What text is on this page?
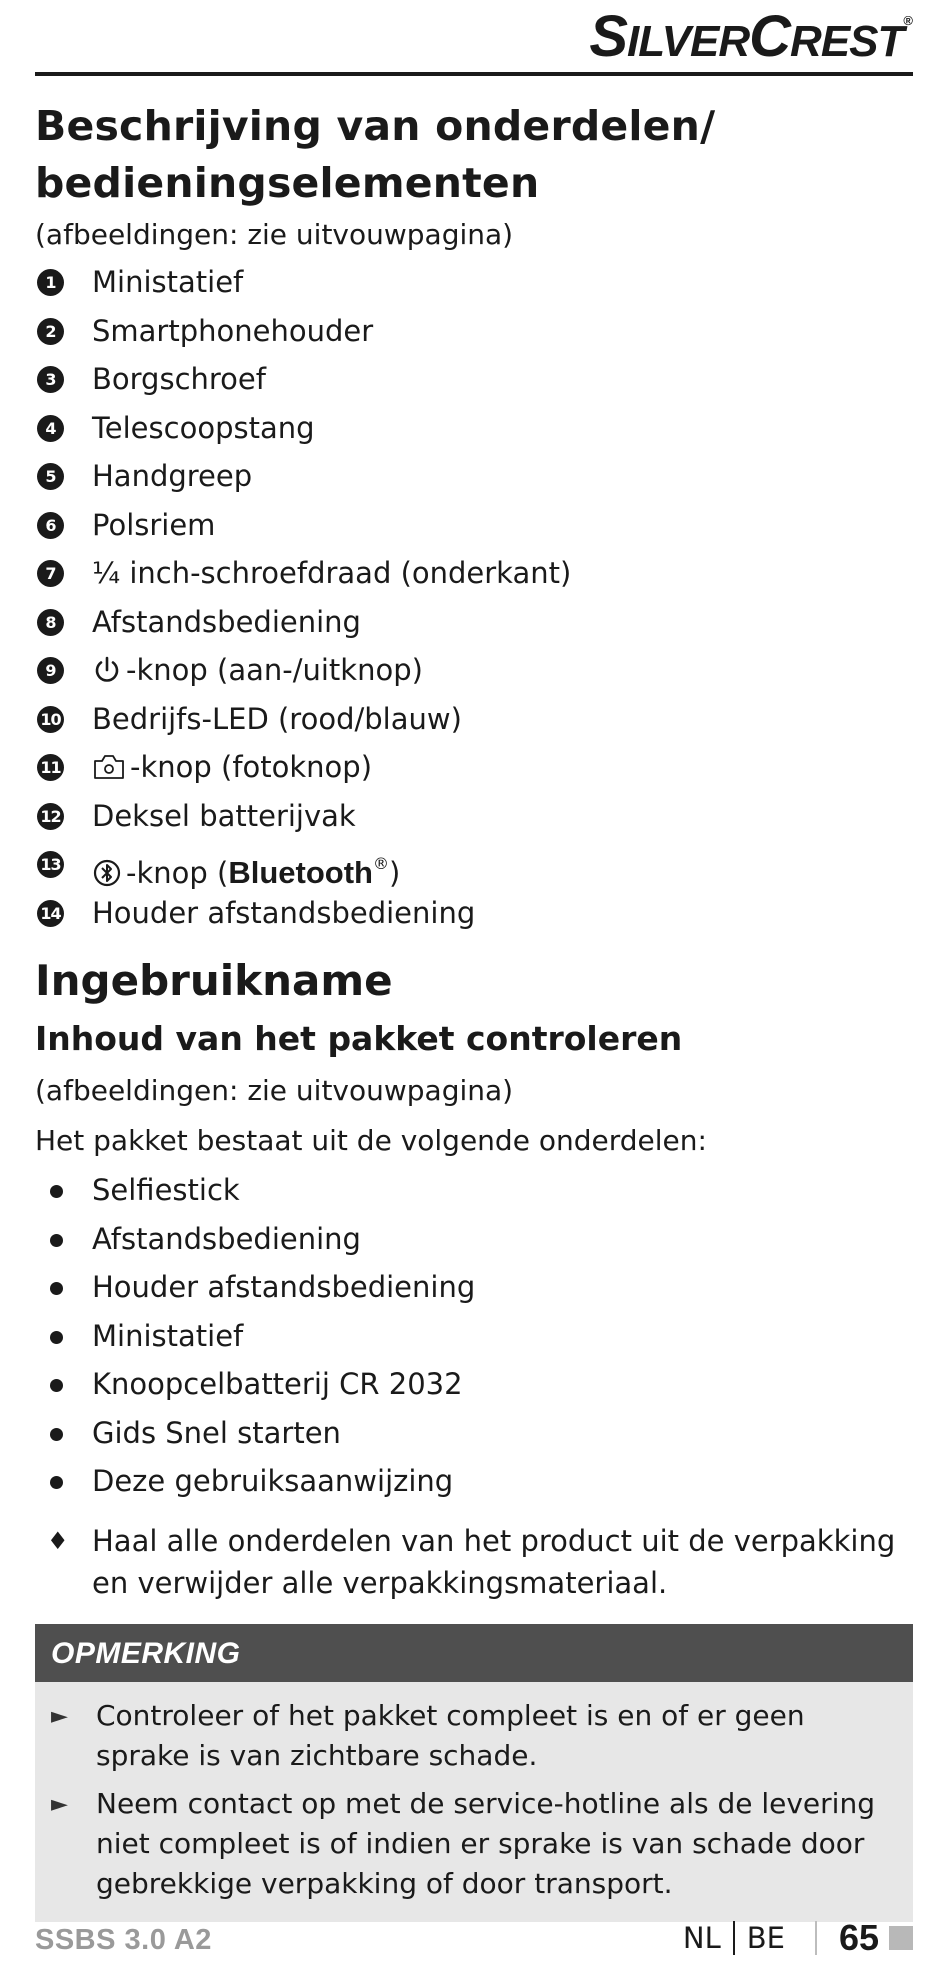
SILVERCREST®
Beschrijving van onderdelen/
bedieningselementen
(afbeeldingen: zie uitvouwpagina)
1 Ministatief
2 Smartphonehouder
3 Borgschroef
4 Telescoopstang
5 Handgreep
6 Polsriem
7 ¼ inch-schroefdraad (onderkant)
8 Afstandsbediening
9 -knop (aan-/uitknop)
10 Bedrijfs-LED (rood/blauw)
11 -knop (fotoknop)
12 Deksel batterijvak
13 -knop (Bluetooth®)
14 Houder afstandsbediening
Ingebruikname
Inhoud van het pakket controleren
(afbeeldingen: zie uitvouwpagina)
Het pakket bestaat uit de volgende onderdelen:
Selfiestick
Afstandsbediening
Houder afstandsbediening
Ministatief
Knoopcelbatterij CR 2032
Gids Snel starten
Deze gebruiksaanwijzing
♦ Haal alle onderdelen van het product uit de verpakking en verwijder alle verpakkingsmateriaal.
OPMERKING
► Controleer of het pakket compleet is en of er geen sprake is van zichtbare schade.
► Neem contact op met de service-hotline als de levering niet compleet is of indien er sprake is van schade door gebrekkige verpakking of door transport.
SSBS 3.0 A2	NL BE 65
